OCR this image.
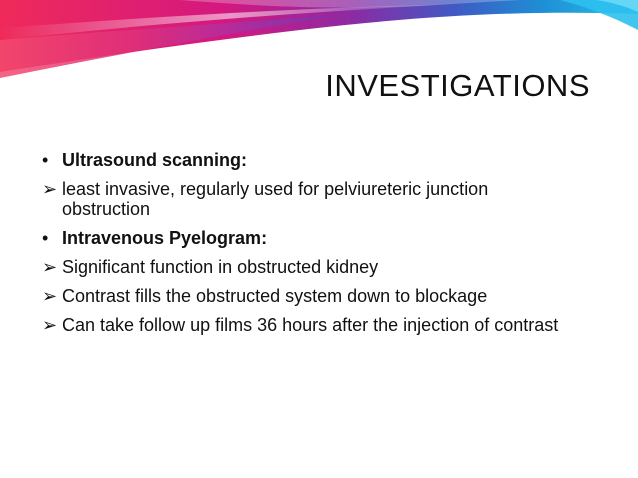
INVESTIGATIONS
• Ultrasound scanning:
➢ least invasive, regularly used for pelviureteric junction obstruction
• Intravenous Pyelogram:
➢ Significant function in obstructed kidney
➢ Contrast fills the obstructed system down to blockage
➢ Can take follow up films 36 hours after the injection of contrast
